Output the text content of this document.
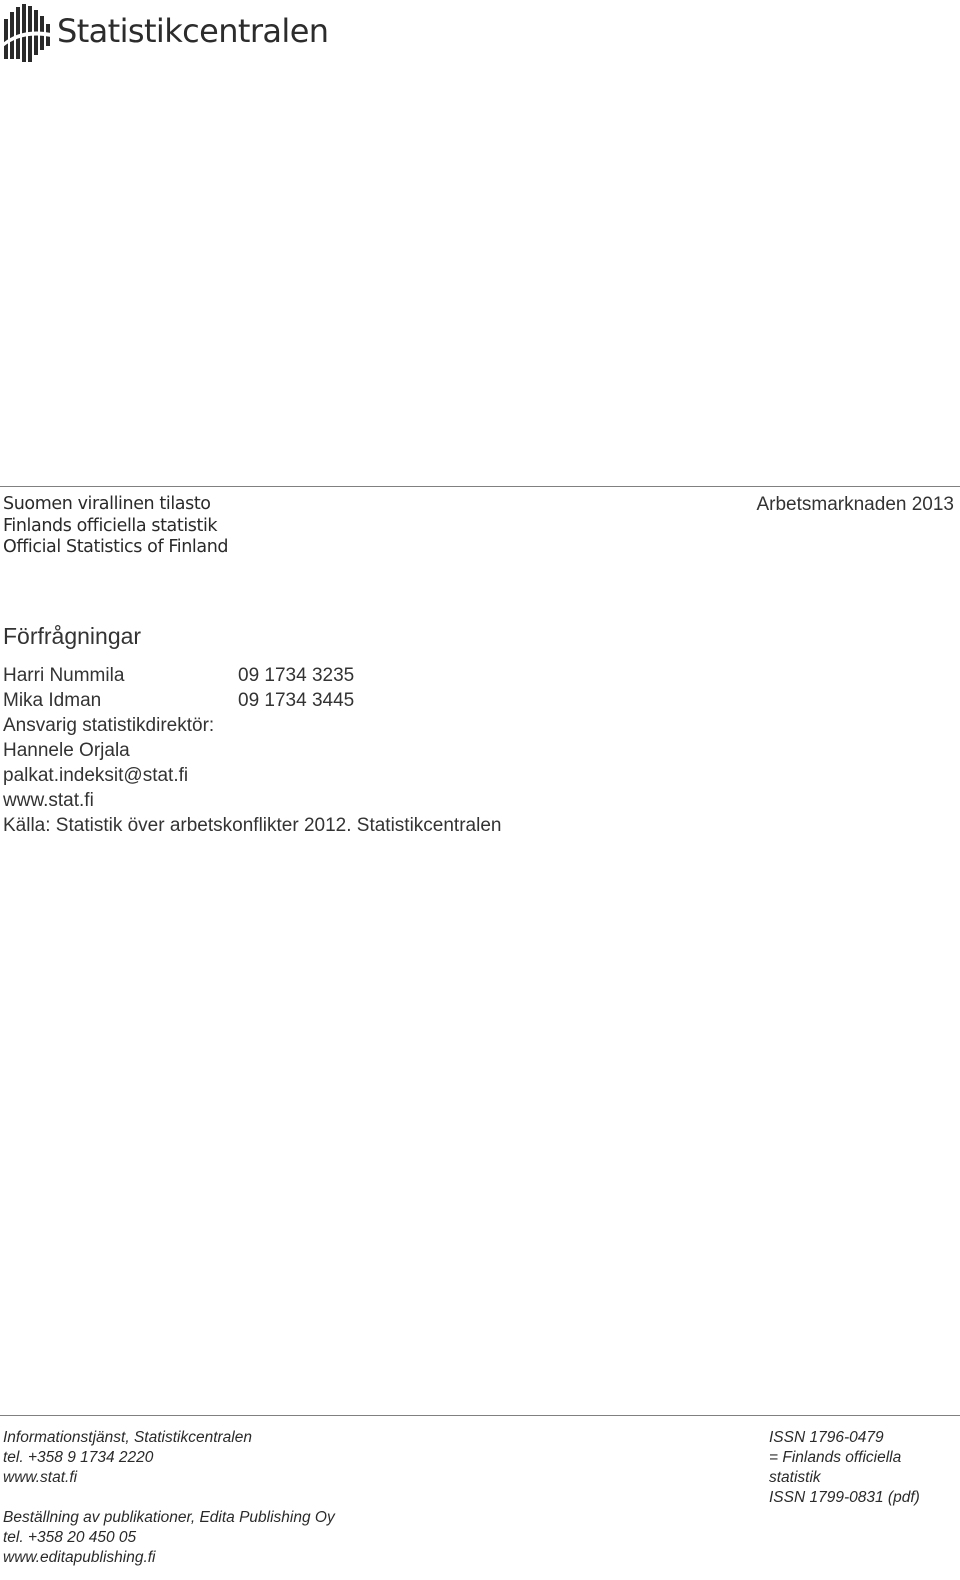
Statistikcentralen
Suomen virallinen tilasto
Finlands officiella statistik
Official Statistics of Finland
Arbetsmarknaden 2013
Förfrågningar
Harri Nummila	09 1734 3235
Mika Idman	09 1734 3445
Ansvarig statistikdirektör:
Hannele Orjala
palkat.indeksit@stat.fi
www.stat.fi
Källa: Statistik över arbetskonflikter 2012. Statistikcentralen
Informationstjänst, Statistikcentralen
tel. +358 9 1734 2220
www.stat.fi
Beställning av publikationer, Edita Publishing Oy
tel. +358 20 450 05
www.editapublishing.fi
ISSN 1796-0479
= Finlands officiella
statistik
ISSN 1799-0831 (pdf)
